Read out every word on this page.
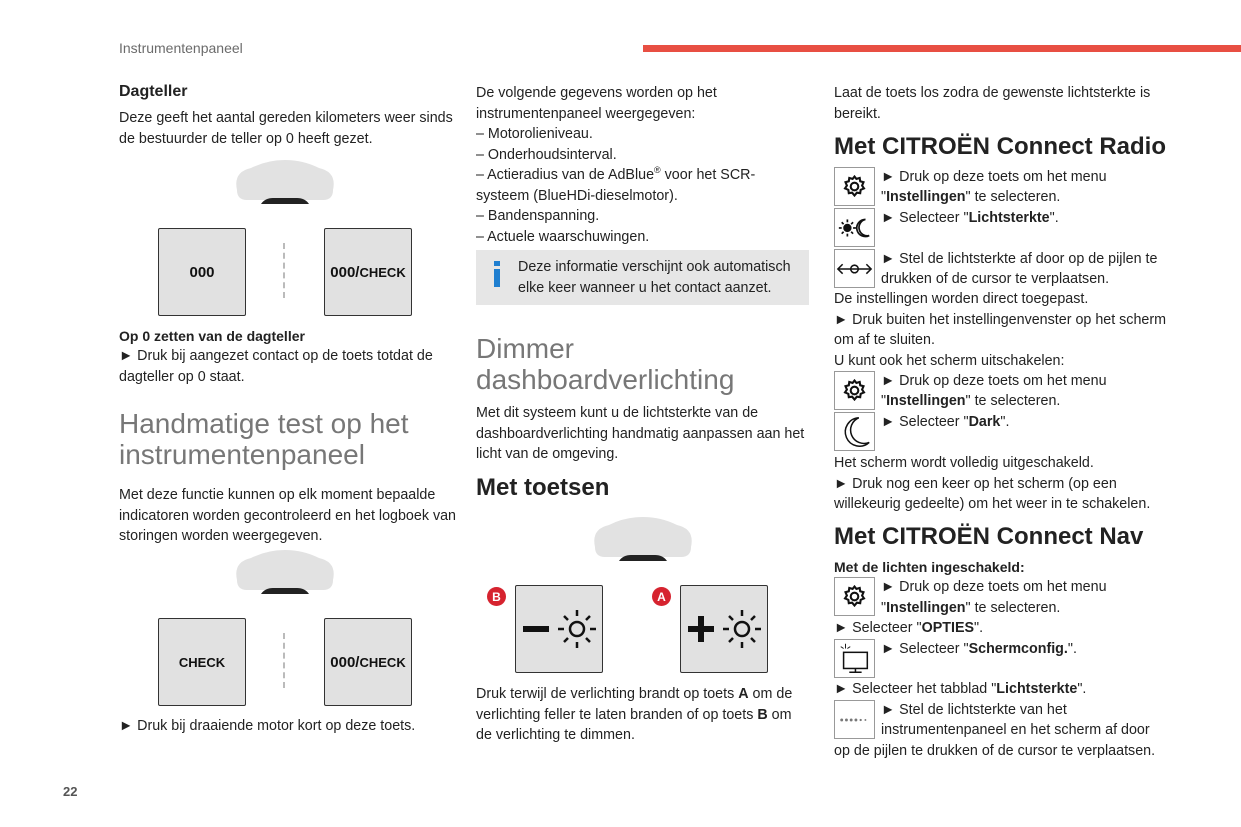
Instrumentenpaneel
22

Dagteller

Deze geeft het aantal gereden kilometers weer sinds de bestuurder de teller op 0 heeft gezet.

000	000/ CHECK

Op 0 zetten van de dagteller

► Druk bij aangezet contact op de toets totdat de dagteller op 0 staat.

Handmatige test op het instrumentenpaneel

Met deze functie kunnen op elk moment bepaalde indicatoren worden gecontroleerd en het logboek van storingen worden weergegeven.

CHECK	000/ CHECK

► Druk bij draaiende motor kort op deze toets.

De volgende gegevens worden op het instrumentenpaneel weergegeven:

– Motorolieniveau.

– Onderhoudsinterval.

– Actieradius van de AdBlue® voor het SCR-systeem (BlueHDi-dieselmotor).

– Bandenspanning.

– Actuele waarschuwingen.

Deze informatie verschijnt ook automatisch elke keer wanneer u het contact aanzet.

Dimmer dashboardverlichting

Met dit systeem kunt u de lichtsterkte van de dashboardverlichting handmatig aanpassen aan het licht van de omgeving.

Met toetsen

B	A

Druk terwijl de verlichting brandt op toets A om de verlichting feller te laten branden of op toets B om de verlichting te dimmen.

Laat de toets los zodra de gewenste lichtsterkte is bereikt.

Met CITROËN Connect Radio

► Druk op deze toets om het menu
"Instellingen" te selecteren.
► Selecteer "Lichtsterkte".
► Stel de lichtsterkte af door op de pijlen te
drukken of de cursor te verplaatsen.

De instellingen worden direct toegepast.

► Druk buiten het instellingenvenster op het scherm om af te sluiten.

U kunt ook het scherm uitschakelen:

► Druk op deze toets om het menu
"Instellingen" te selecteren.
► Selecteer "Dark".

Het scherm wordt volledig uitgeschakeld.

► Druk nog een keer op het scherm (op een willekeurig gedeelte) om het weer in te schakelen.

Met CITROËN Connect Nav

Met de lichten ingeschakeld:
► Druk op deze toets om het menu
"Instellingen" te selecteren.
► Selecteer "OPTIES".
► Selecteer "Schermconfig.".
► Selecteer het tabblad "Lichtsterkte".
► Stel de lichtsterkte van het
instrumentenpaneel en het scherm af door
op de pijlen te drukken of de cursor te verplaatsen.
